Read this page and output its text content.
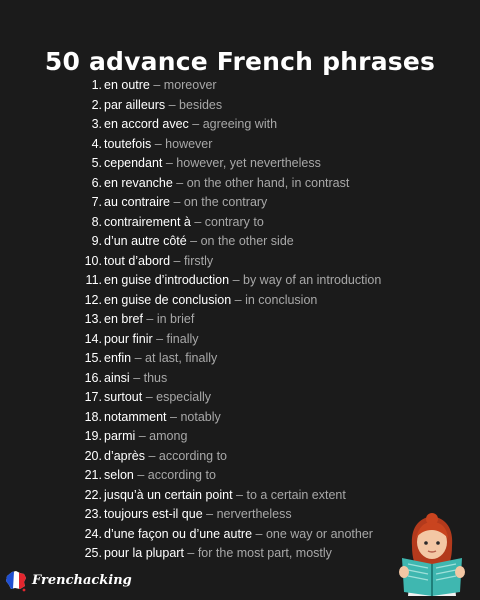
50 advance French phrases
1. en outre – moreover
2. par ailleurs – besides
3. en accord avec – agreeing with
4. toutefois – however
5. cependant – however, yet nevertheless
6. en revanche – on the other hand, in contrast
7. au contraire – on the contrary
8. contrairement à – contrary to
9. d’un autre côté – on the other side
10. tout d’abord – firstly
11. en guise d’introduction – by way of an introduction
12. en guise de conclusion – in conclusion
13. en bref – in brief
14. pour finir – finally
15. enfin – at last, finally
16. ainsi – thus
17. surtout – especially
18. notamment – notably
19. parmi – among
20. d’après – according to
21. selon – according to
22. jusqu’à un certain point – to a certain extent
23. toujours est-il que – nervertheless
24. d’une façon ou d’une autre – one way or another
25. pour la plupart – for the most part, mostly
Frenchacking
